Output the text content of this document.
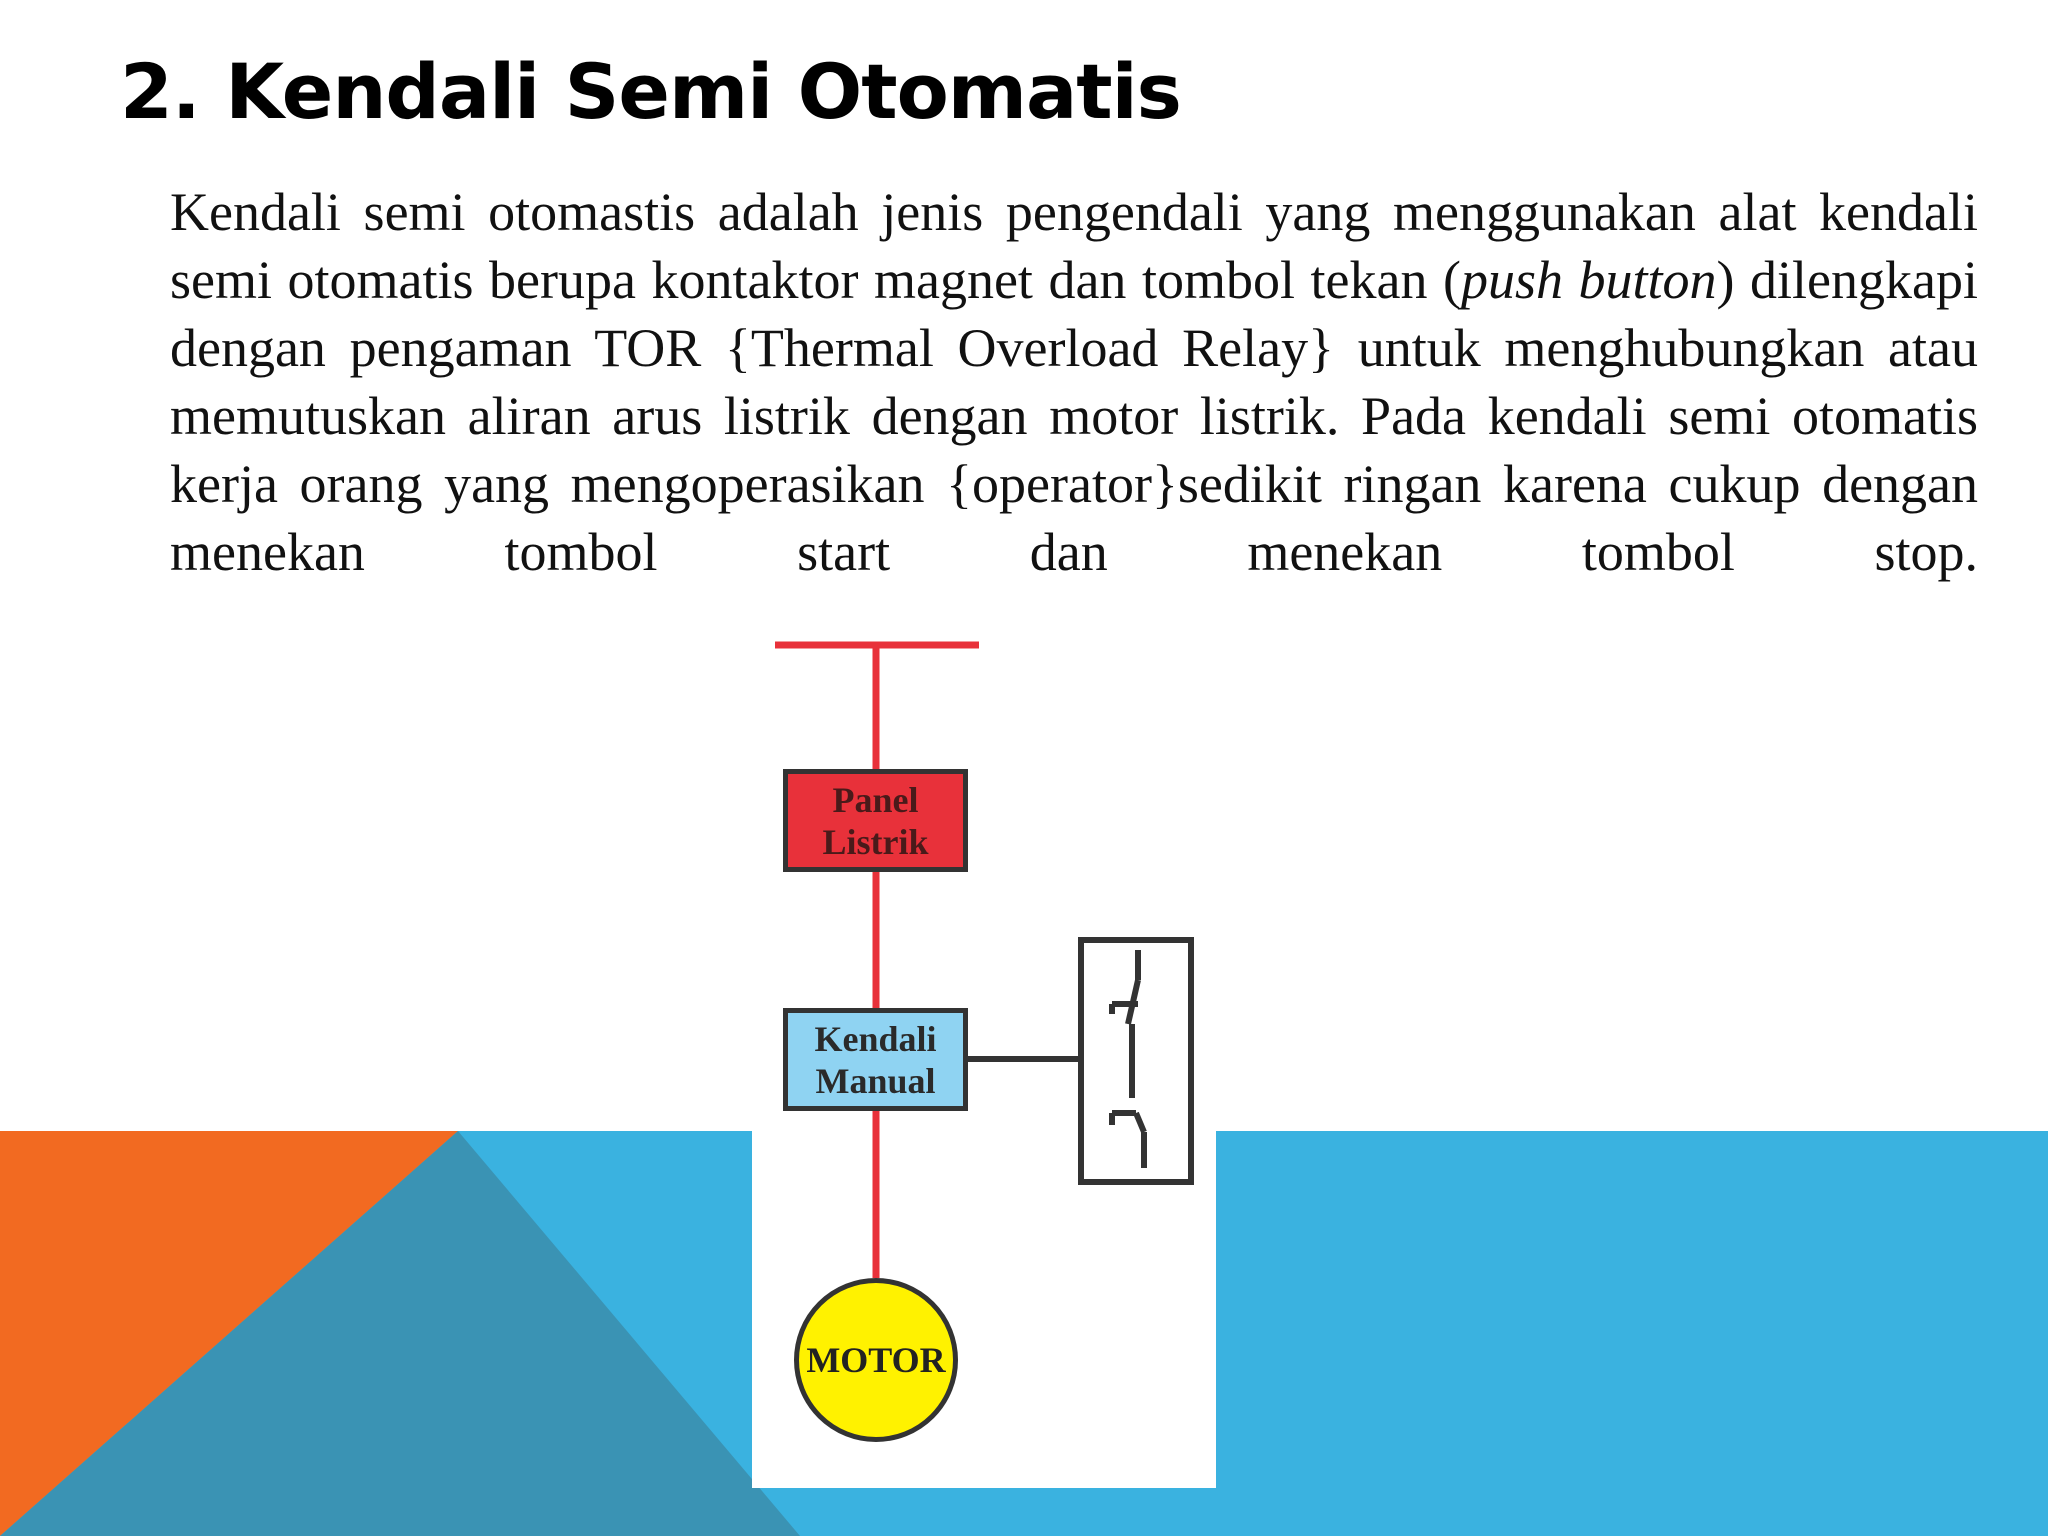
2. Kendali Semi Otomatis

Kendali semi otomastis adalah jenis pengendali yang menggunakan alat kendali semi otomatis berupa kontaktor magnet dan tombol tekan (push button) dilengkapi dengan pengaman TOR {Thermal Overload Relay} untuk menghubungkan atau memutuskan aliran arus listrik dengan motor listrik. Pada kendali semi otomatis kerja orang yang mengoperasikan {operator}sedikit ringan karena cukup dengan menekan tombol start dan menekan tombol stop.

Panel
Listrik
Kendali
Manual
MOTOR
